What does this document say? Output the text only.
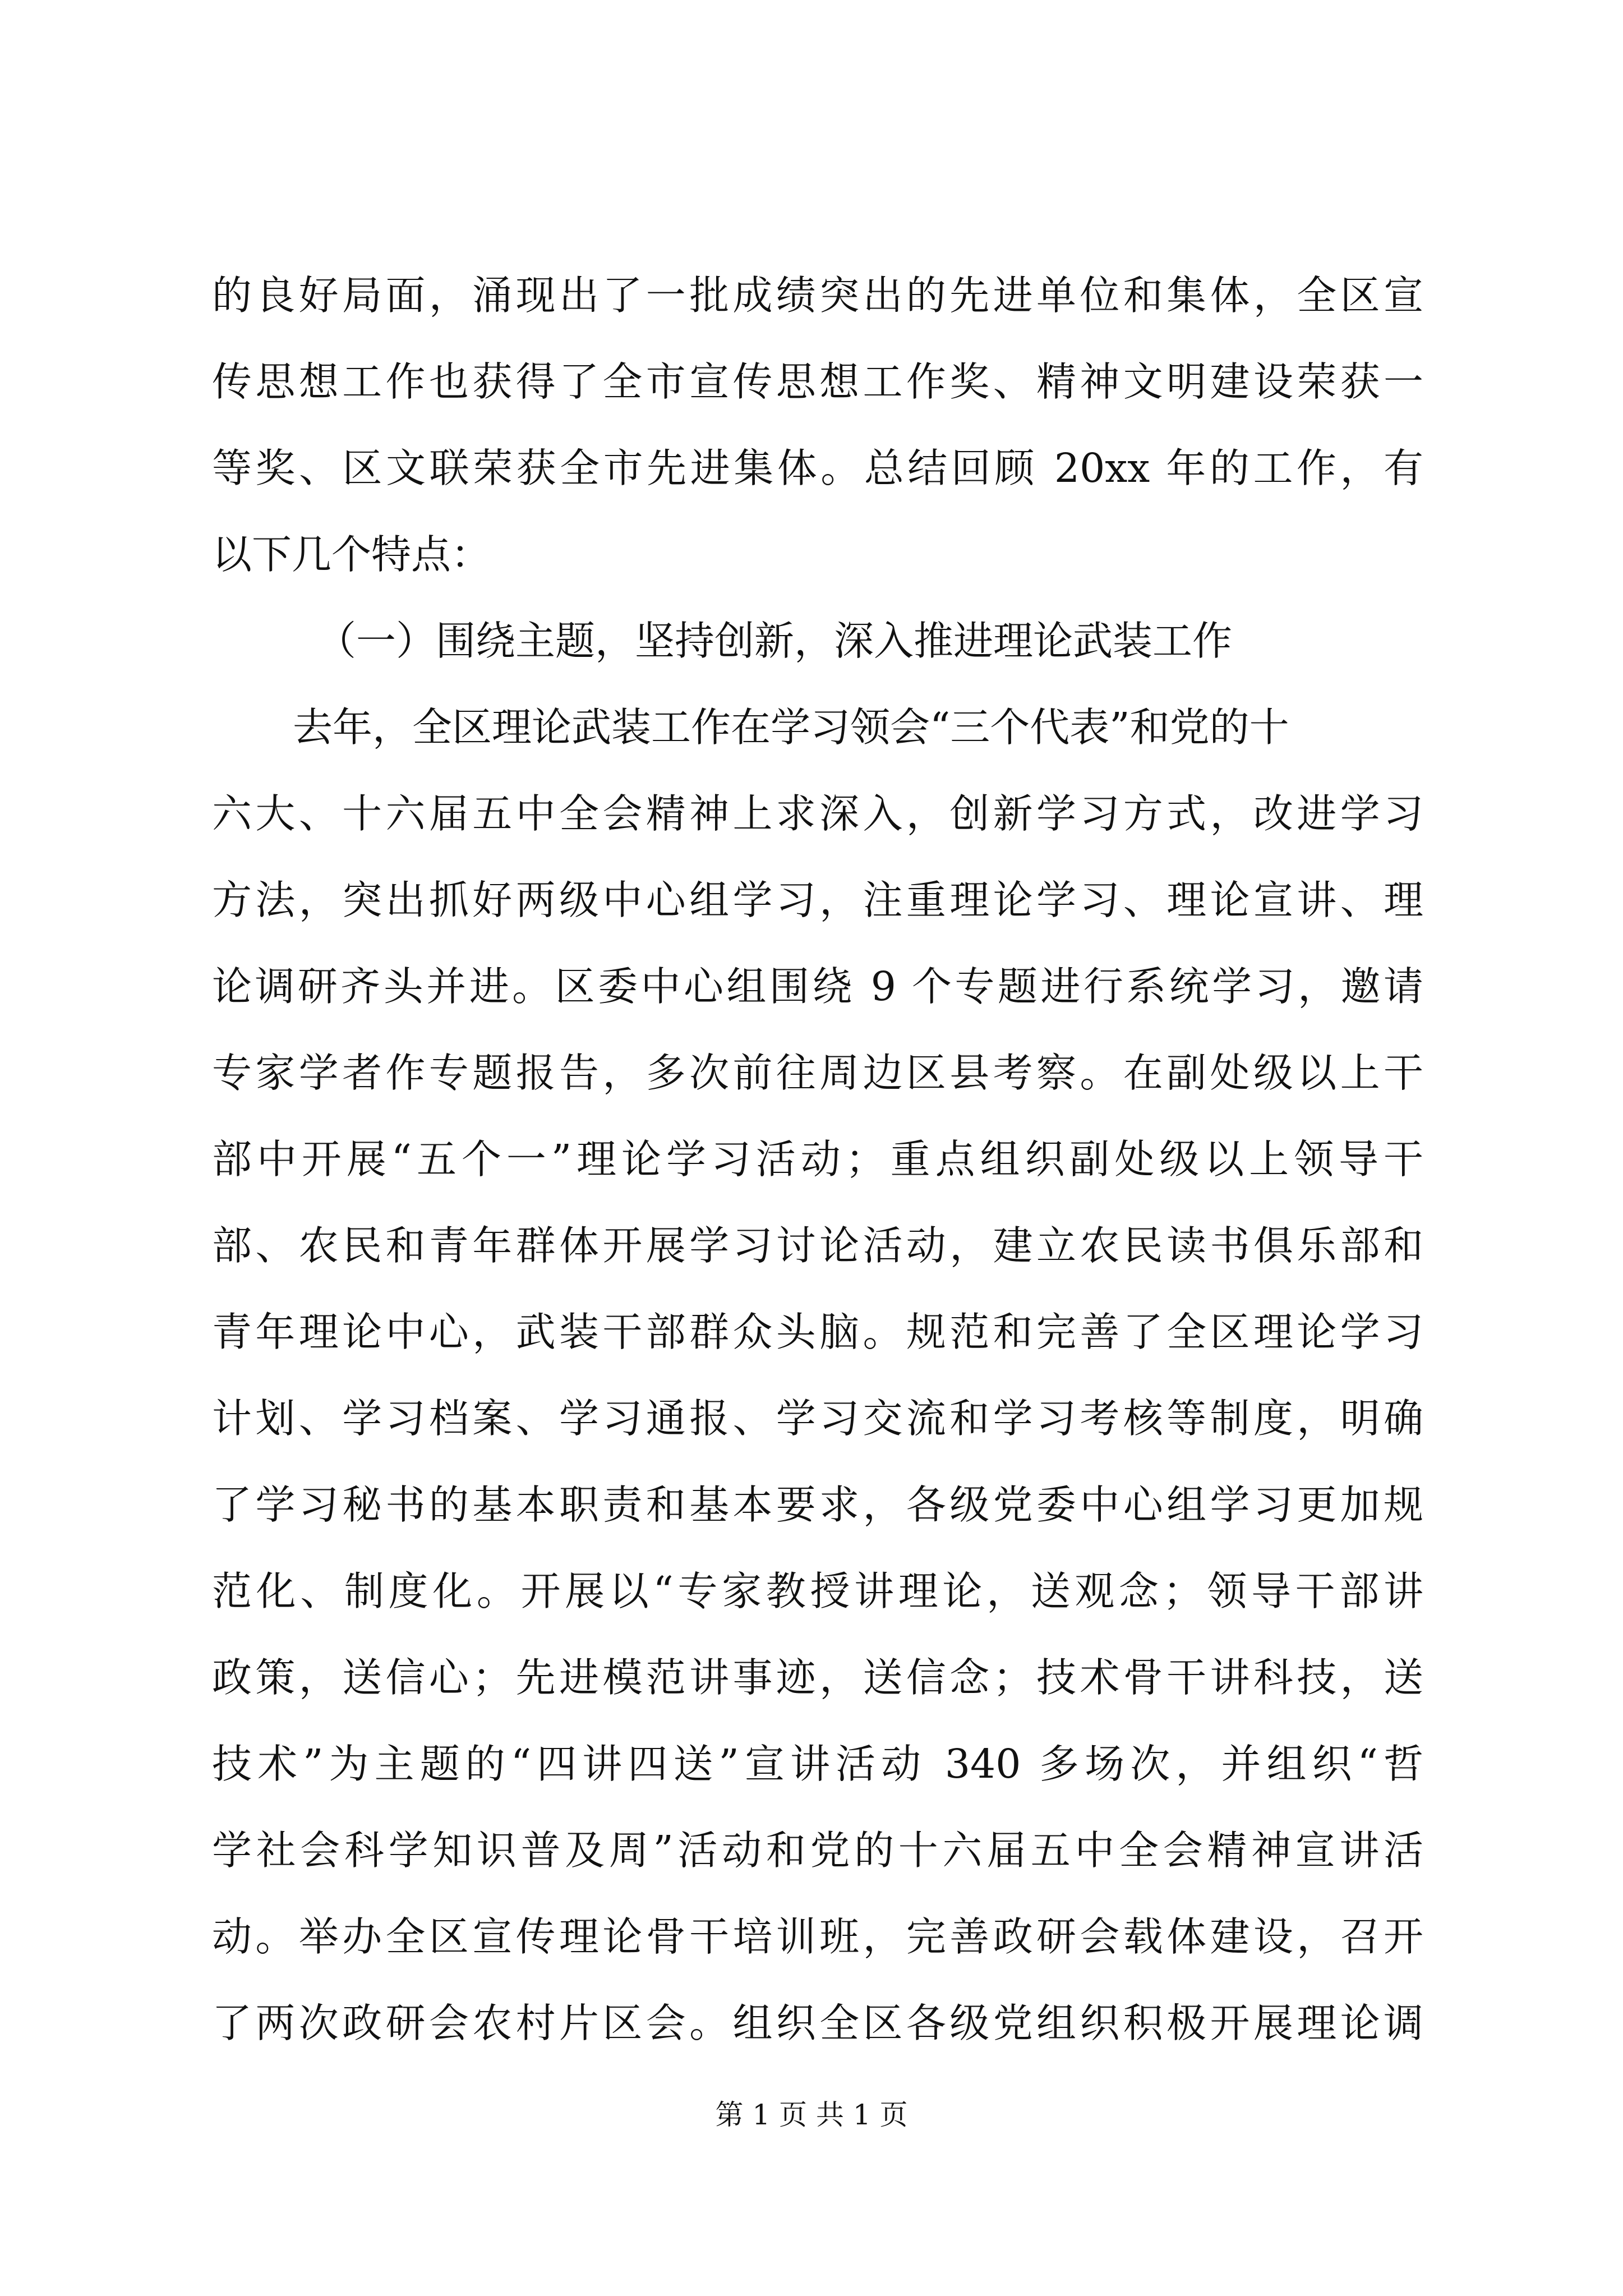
的良好局面，涌现出了一批成绩突出的先进单位和集体，全区宣
传思想工作也获得了全市宣传思想工作奖、精神文明建设荣获一
等奖、区文联荣获全市先进集体。总结回顾 20xx 年的工作，有
以下几个特点：
（一）围绕主题，坚持创新，深入推进理论武装工作
去年，全区理论武装工作在学习领会“三个代表”和党的十
六大、十六届五中全会精神上求深入，创新学习方式，改进学习
方法，突出抓好两级中心组学习，注重理论学习、理论宣讲、理
论调研齐头并进。区委中心组围绕 9 个专题进行系统学习，邀请
专家学者作专题报告，多次前往周边区县考察。在副处级以上干
部中开展“五个一”理论学习活动；重点组织副处级以上领导干
部、农民和青年群体开展学习讨论活动，建立农民读书俱乐部和
青年理论中心，武装干部群众头脑。规范和完善了全区理论学习
计划、学习档案、学习通报、学习交流和学习考核等制度，明确
了学习秘书的基本职责和基本要求，各级党委中心组学习更加规
范化、制度化。开展以“专家教授讲理论，送观念；领导干部讲
政策，送信心；先进模范讲事迹，送信念；技术骨干讲科技，送
技术”为主题的“四讲四送”宣讲活动 340 多场次，并组织“哲
学社会科学知识普及周”活动和党的十六届五中全会精神宣讲活
动。举办全区宣传理论骨干培训班，完善政研会载体建设，召开
了两次政研会农村片区会。组织全区各级党组织积极开展理论调
第 1 页 共 1 页
